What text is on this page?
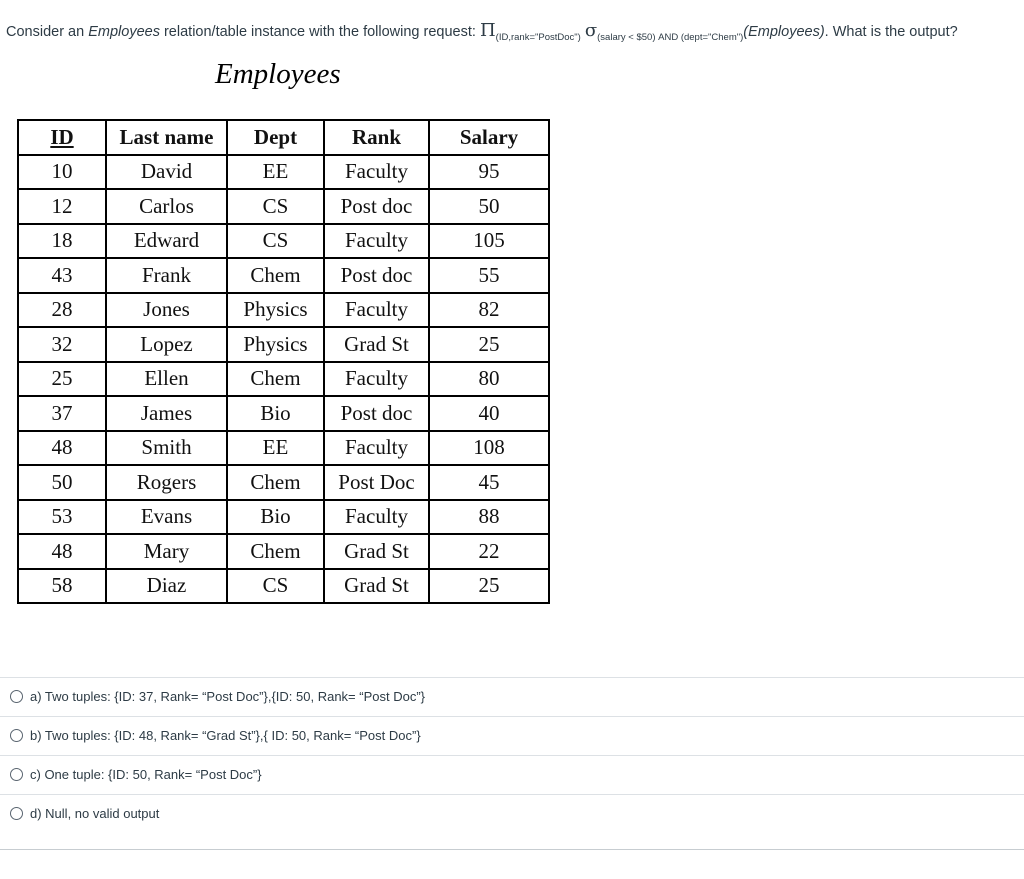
Consider an Employees relation/table instance with the following request: $\Pi_{(ID,rank="PostDoc")}$ $\sigma_{(salary < \$50) AND (dept="Chem")}(Employees)$. What is the output?
Employees
ID	Last name	Dept	Rank	Salary
10	David	EE	Faculty	95
12	Carlos	CS	Post doc	50
18	Edward	CS	Faculty	105
43	Frank	Chem	Post doc	55
28	Jones	Physics	Faculty	82
32	Lopez	Physics	Grad St	25
25	Ellen	Chem	Faculty	80
37	James	Bio	Post doc	40
48	Smith	EE	Faculty	108
50	Rogers	Chem	Post Doc	45
53	Evans	Bio	Faculty	88
48	Mary	Chem	Grad St	22
58	Diaz	CS	Grad St	25
a) Two tuples: {ID: 37, Rank= “Post Doc”},{ID: 50, Rank= “Post Doc”}
b) Two tuples: {ID: 48, Rank= “Grad St”},{ ID: 50, Rank= “Post Doc”}
c) One tuple: {ID: 50, Rank= “Post Doc”}
d) Null, no valid output
